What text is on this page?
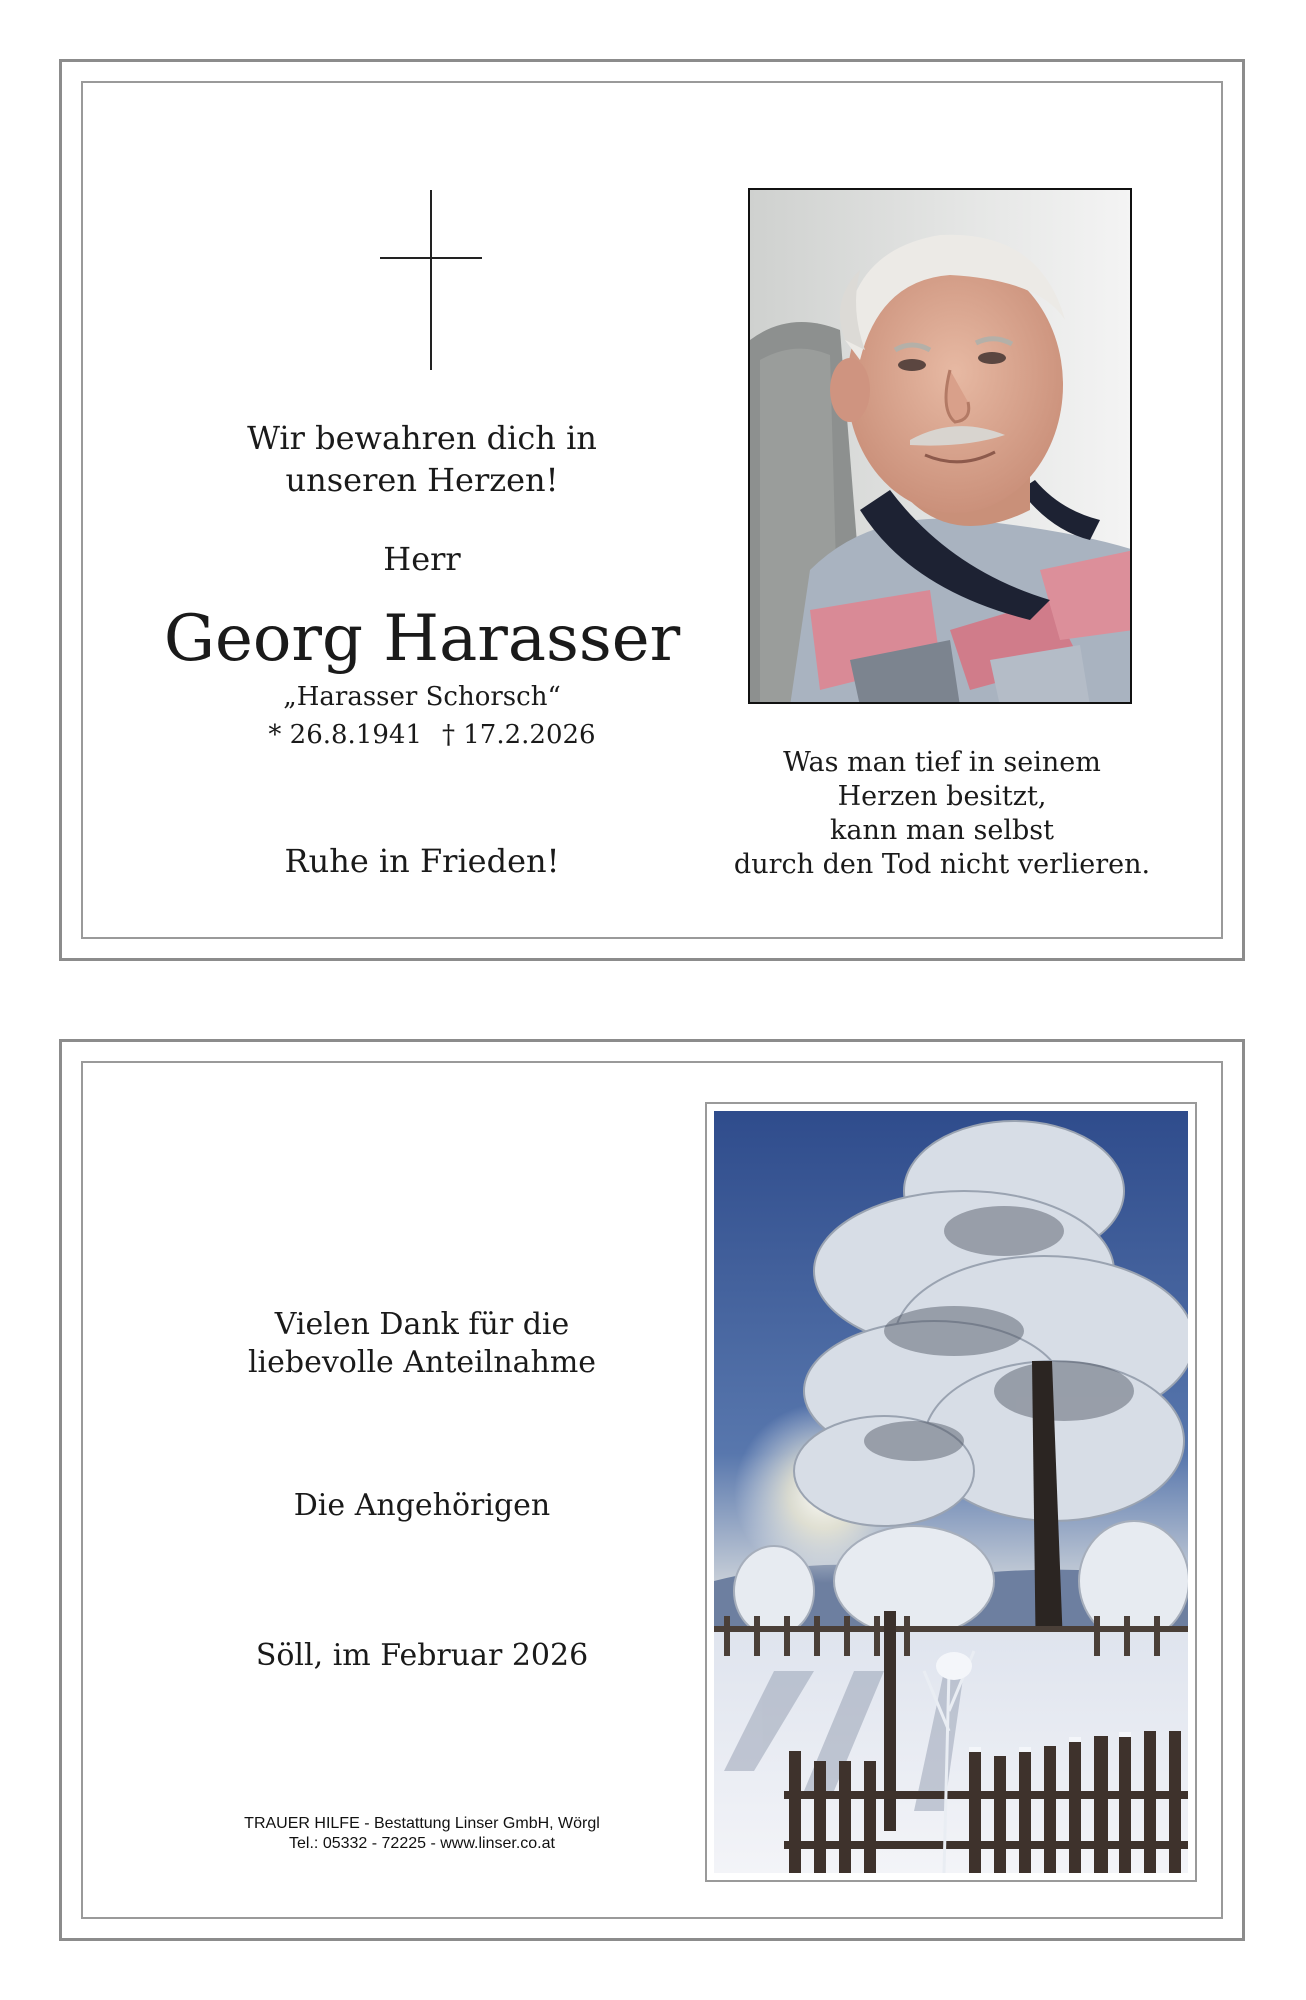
Wir bewahren dich in
unseren Herzen!
Herr
Georg Harasser
„Harasser Schorsch“
* 26.8.1941 † 17.2.2026
Ruhe in Frieden!
Was man tief in seinem
Herzen besitzt,
kann man selbst
durch den Tod nicht verlieren.
Vielen Dank für die
liebevolle Anteilnahme
Die Angehörigen
Söll, im Februar 2026
TRAUER HILFE - Bestattung Linser GmbH, Wörgl
Tel.: 05332 - 72225 - www.linser.co.at
